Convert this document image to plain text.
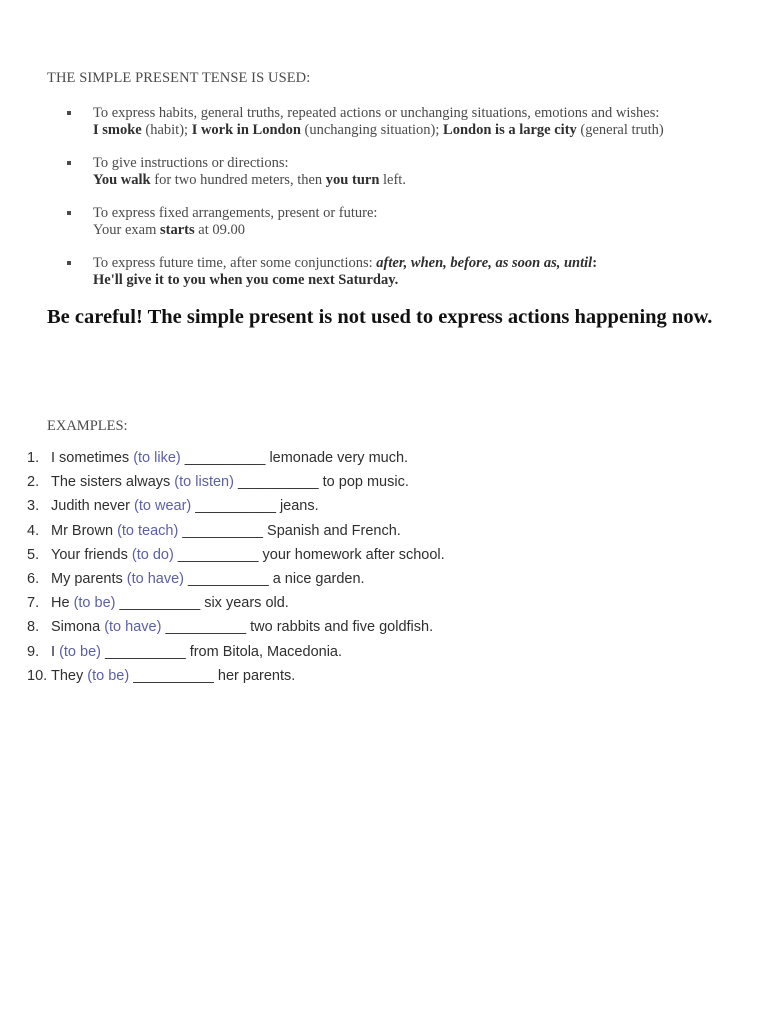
THE SIMPLE PRESENT TENSE IS USED:
To express habits, general truths, repeated actions or unchanging situations, emotions and wishes:
I smoke (habit); I work in London (unchanging situation); London is a large city (general truth)
To give instructions or directions:
You walk for two hundred meters, then you turn left.
To express fixed arrangements, present or future:
Your exam starts at 09.00
To express future time, after some conjunctions: after, when, before, as soon as, until:
He'll give it to you when you come next Saturday.
Be careful! The simple present is not used to express actions happening now.
EXAMPLES:
1. I sometimes (to like) __________ lemonade very much.
2. The sisters always (to listen) __________ to pop music.
3. Judith never (to wear) __________ jeans.
4. Mr Brown (to teach) __________ Spanish and French.
5. Your friends (to do) __________ your homework after school.
6. My parents (to have) __________ a nice garden.
7. He (to be) __________ six years old.
8. Simona (to have) __________ two rabbits and five goldfish.
9. I (to be) __________ from Bitola, Macedonia.
10. They (to be) __________ her parents.
